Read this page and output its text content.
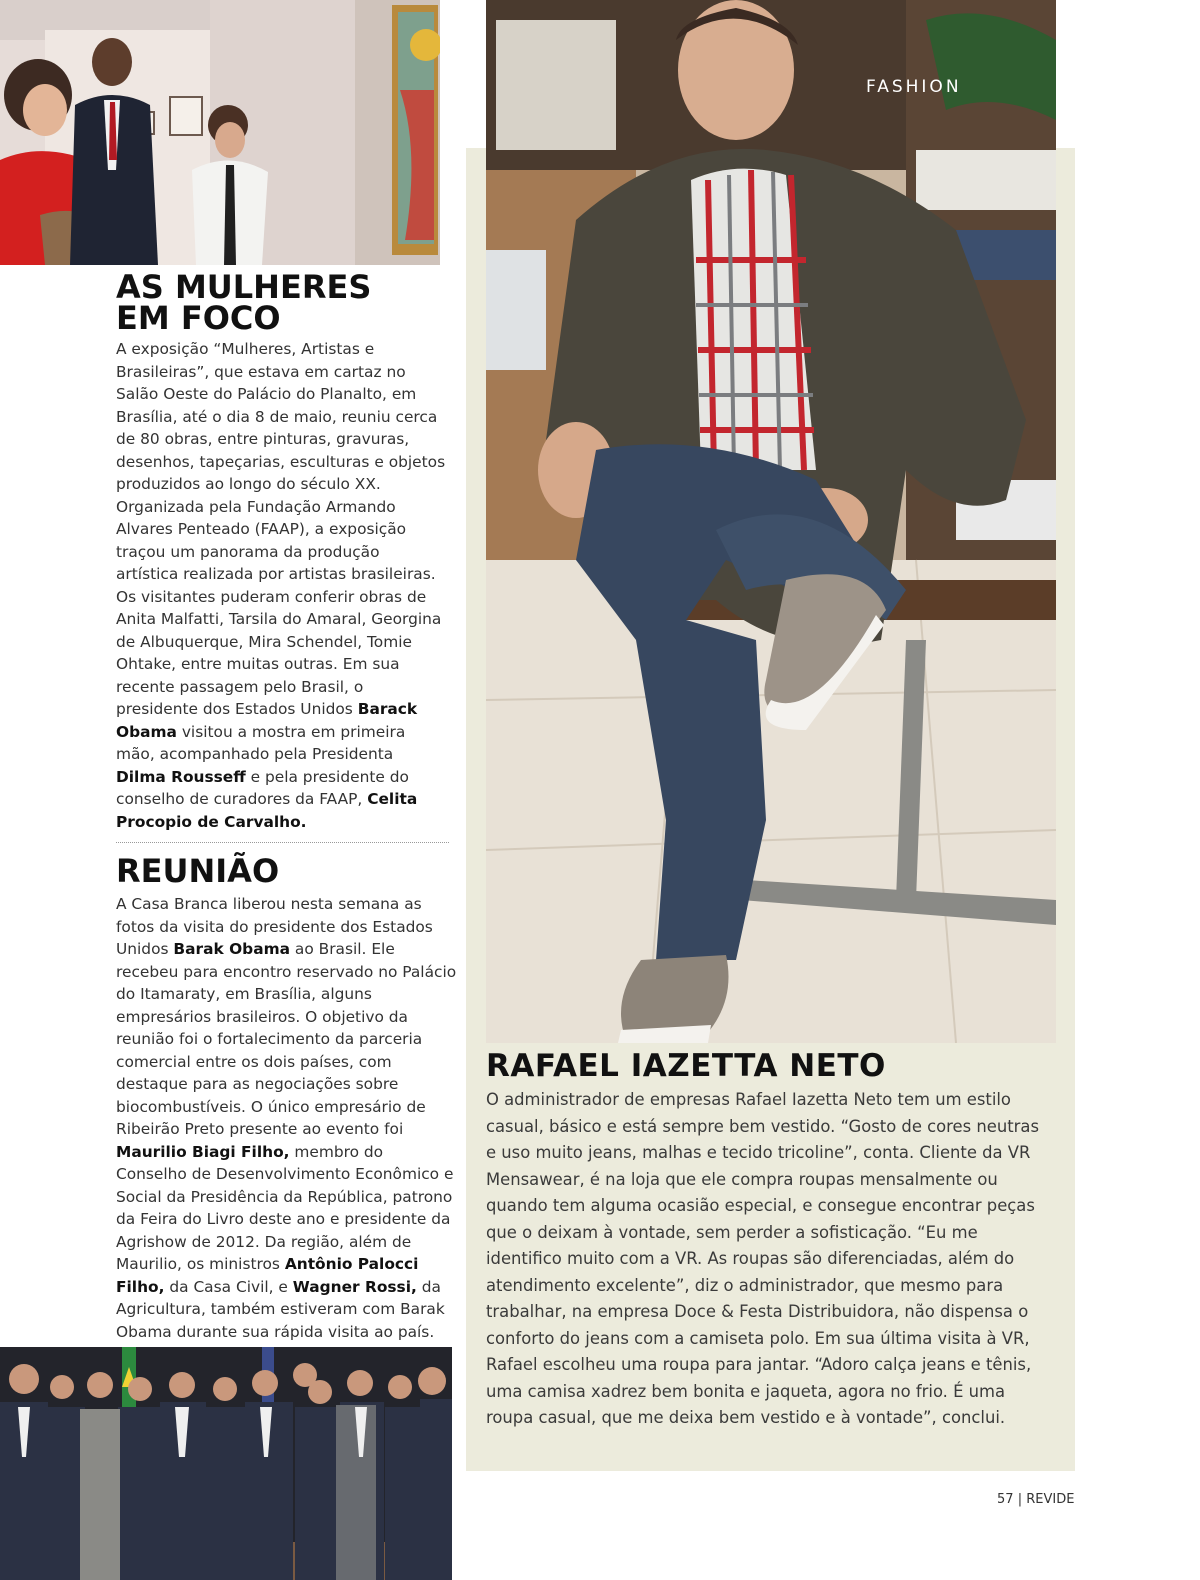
AS MULHERES
EM FOCO

A exposição “Mulheres, Artistas e Brasileiras”, que estava em cartaz no Salão Oeste do Palácio do Planalto, em Brasília, até o dia 8 de maio, reuniu cerca de 80 obras, entre pinturas, gravuras, desenhos, tapeçarias, esculturas e objetos produzidos ao longo do século XX. Organizada pela Fundação Armando Alvares Penteado (FAAP), a exposição traçou um panorama da produção artística realizada por artistas brasileiras. Os visitantes puderam conferir obras de Anita Malfatti, Tarsila do Amaral, Georgina de Albuquerque, Mira Schendel, Tomie Ohtake, entre muitas outras. Em sua recente passagem pelo Brasil, o presidente dos Estados Unidos Barack Obama visitou a mostra em primeira mão, acompanhado pela Presidenta Dilma Rousseff e pela presidente do conselho de curadores da FAAP, Celita Procopio de Carvalho.

REUNIÃO

A Casa Branca liberou nesta semana as fotos da visita do presidente dos Estados Unidos Barak Obama ao Brasil. Ele recebeu para encontro reservado no Palácio do Itamaraty, em Brasília, alguns empresários brasileiros. O objetivo da reunião foi o fortalecimento da parceria comercial entre os dois países, com destaque para as negociações sobre biocombustíveis. O único empresário de Ribeirão Preto presente ao evento foi Maurilio Biagi Filho, membro do Conselho de Desenvolvimento Econômico e Social da Presidência da República, patrono da Feira do Livro deste ano e presidente da Agrishow de 2012. Da região, além de Maurilio, os ministros Antônio Palocci Filho, da Casa Civil, e Wagner Rossi, da Agricultura, também estiveram com Barak Obama durante sua rápida visita ao país.

FASHION
RAFAEL IAZETTA NETO

O administrador de empresas Rafael Iazetta Neto tem um estilo casual, básico e está sempre bem vestido. “Gosto de cores neutras e uso muito jeans, malhas e tecido tricoline”, conta. Cliente da VR Mensawear, é na loja que ele compra roupas mensalmente ou quando tem alguma ocasião especial, e consegue encontrar peças que o deixam à vontade, sem perder a sofisticação. “Eu me identifico muito com a VR. As roupas são diferenciadas, além do atendimento excelente”, diz o administrador, que mesmo para trabalhar, na empresa Doce & Festa Distribuidora, não dispensa o conforto do jeans com a camiseta polo. Em sua última visita à VR, Rafael escolheu uma roupa para jantar. “Adoro calça jeans e tênis, uma camisa xadrez bem bonita e jaqueta, agora no frio. É uma roupa casual, que me deixa bem vestido e à vontade”, conclui.

57 | REVIDE
